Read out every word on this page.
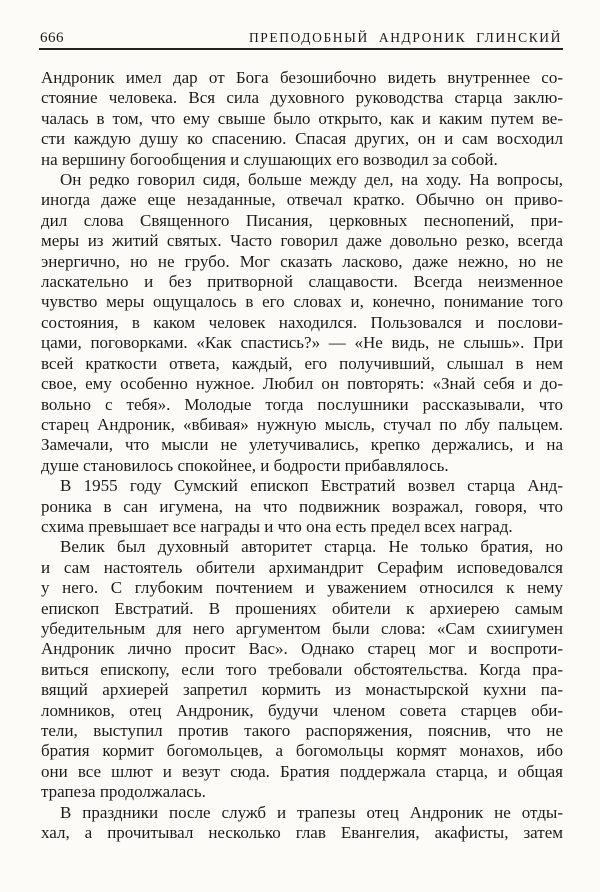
666	ПРЕПОДОБНЫЙ АНДРОНИК ГЛИНСКИЙ
Андроник имел дар от Бога безошибочно видеть внутреннее со-
стояние человека. Вся сила духовного руководства старца заклю-
чалась в том, что ему свыше было открыто, как и каким путем ве-
сти каждую душу ко спасению. Спасая других, он и сам восходил
на вершину богообщения и слушающих его возводил за собой.
Он редко говорил сидя, больше между дел, на ходу. На вопросы,
иногда даже еще незаданные, отвечал кратко. Обычно он приво-
дил слова Священного Писания, церковных песнопений, при-
меры из житий святых. Часто говорил даже довольно резко, всегда
энергично, но не грубо. Мог сказать ласково, даже нежно, но не
ласкательно и без притворной слащавости. Всегда неизменное
чувство меры ощущалось в его словах и, конечно, понимание того
состояния, в каком человек находился. Пользовался и послови-
цами, поговорками. «Как спастись?» — «Не видь, не слышь». При
всей краткости ответа, каждый, его получивший, слышал в нем
свое, ему особенно нужное. Любил он повторять: «Знай себя и до-
вольно с тебя». Молодые тогда послушники рассказывали, что
старец Андроник, «вбивая» нужную мысль, стучал по лбу пальцем.
Замечали, что мысли не улетучивались, крепко держались, и на
душе становилось спокойнее, и бодрости прибавлялось.
В 1955 году Сумский епископ Евстратий возвел старца Анд-
роника в сан игумена, на что подвижник возражал, говоря, что
схима превышает все награды и что она есть предел всех наград.
Велик был духовный авторитет старца. Не только братия, но
и сам настоятель обители архимандрит Серафим исповедовался
у него. С глубоким почтением и уважением относился к нему
епископ Евстратий. В прошениях обители к архиерею самым
убедительным для него аргументом были слова: «Сам схиигумен
Андроник лично просит Вас». Однако старец мог и воспроти-
виться епископу, если того требовали обстоятельства. Когда пра-
вящий архиерей запретил кормить из монастырской кухни па-
ломников, отец Андроник, будучи членом совета старцев оби-
тели, выступил против такого распоряжения, пояснив, что не
братия кормит богомольцев, а богомольцы кормят монахов, ибо
они все шлют и везут сюда. Братия поддержала старца, и общая
трапеза продолжалась.
В праздники после служб и трапезы отец Андроник не отды-
хал, а прочитывал несколько глав Евангелия, акафисты, затем
